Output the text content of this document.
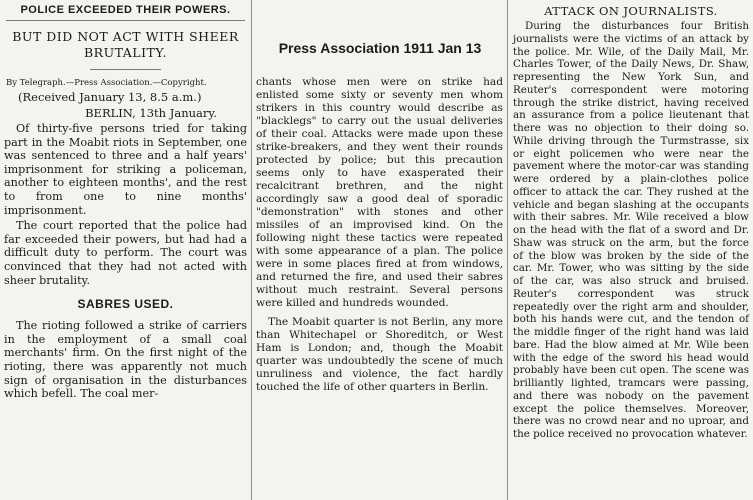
POLICE EXCEEDED THEIR POWERS.
BUT DID NOT ACT WITH SHEER BRUTALITY.
By Telegraph.—Press Association.—Copyright.
(Received January 13, 8.5 a.m.)
BERLIN, 13th January.

Of thirty-five persons tried for taking part in the Moabit riots in September, one was sentenced to three and a half years' imprisonment for striking a policeman, another to eighteen months', and the rest to from one to nine months' imprisonment.

The court reported that the police had far exceeded their powers, but had had a difficult duty to perform. The court was convinced that they had not acted with sheer brutality.

SABRES USED.

The rioting followed a strike of carriers in the employment of a small coal merchants' firm. On the first night of the rioting, there was apparently not much sign of organisation in the disturbances which befell. The coal mer-

Press Association 1911 Jan 13

chants whose men were on strike had enlisted some sixty or seventy men whom strikers in this country would describe as "blacklegs" to carry out the usual deliveries of their coal. Attacks were made upon these strike-breakers, and they went their rounds protected by police; but this precaution seems only to have exasperated their recalcitrant brethren, and the night accordingly saw a good deal of sporadic "demonstration" with stones and other missiles of an improvised kind. On the following night these tactics were repeated with some appearance of a plan. The police were in some places fired at from windows, and returned the fire, and used their sabres without much restraint. Several persons were killed and hundreds wounded.

The Moabit quarter is not Berlin, any more than Whitechapel or Shoreditch, or West Ham is London; and, though the Moabit quarter was undoubtedly the scene of much unruliness and violence, the fact hardly touched the life of other quarters in Berlin.

ATTACK ON JOURNALISTS.

During the disturbances four British journalists were the victims of an attack by the police. Mr. Wile, of the Daily Mail, Mr. Charles Tower, of the Daily News, Dr. Shaw, representing the New York Sun, and Reuter's correspondent were motoring through the strike district, having received an assurance from a police lieutenant that there was no objection to their doing so. While driving through the Turmstrasse, six or eight policemen who were near the pavement where the motor-car was standing were ordered by a plain-clothes police officer to attack the car. They rushed at the vehicle and began slashing at the occupants with their sabres. Mr. Wile received a blow on the head with the flat of a sword and Dr. Shaw was struck on the arm, but the force of the blow was broken by the side of the car. Mr. Tower, who was sitting by the side of the car, was also struck and bruised. Reuter's correspondent was struck repeatedly over the right arm and shoulder, both his hands were cut, and the tendon of the middle finger of the right hand was laid bare. Had the blow aimed at Mr. Wile been with the edge of the sword his head would probably have been cut open. The scene was brilliantly lighted, tramcars were passing, and there was nobody on the pavement except the police themselves. Moreover, there was no crowd near and no uproar, and the police received no provocation whatever.
